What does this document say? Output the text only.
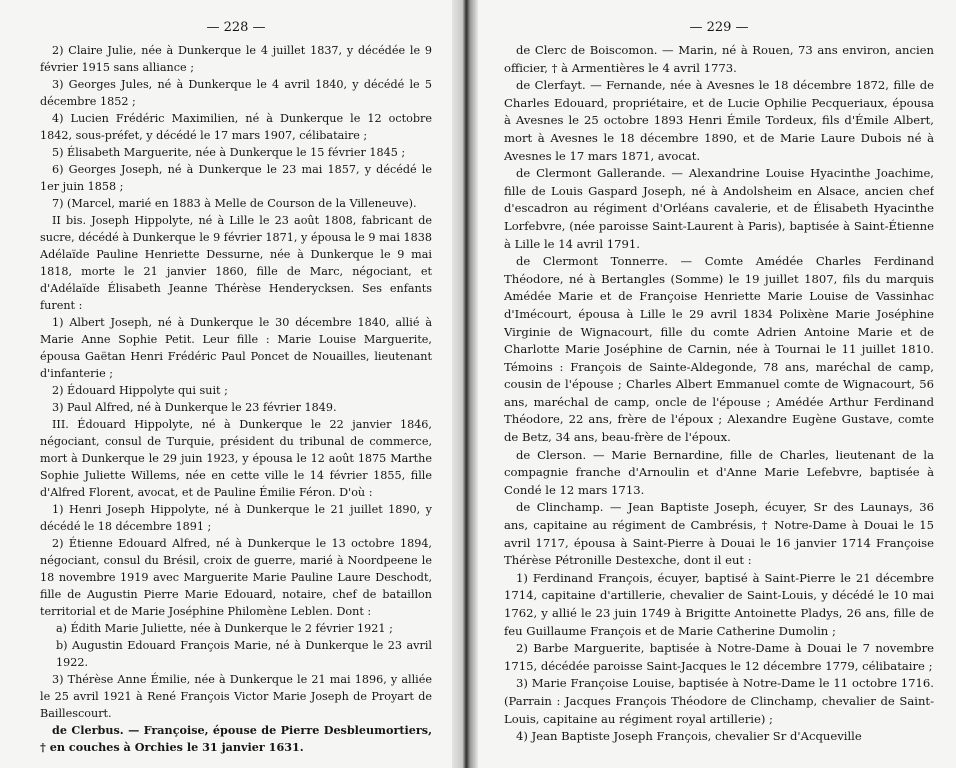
— 228 —

2) Claire Julie, née à Dunkerque le 4 juillet 1837, y décédée le 9 février 1915 sans alliance ;

3) Georges Jules, né à Dunkerque le 4 avril 1840, y décédé le 5 décembre 1852 ;

4) Lucien Frédéric Maximilien, né à Dunkerque le 12 octobre 1842, sous-préfet, y décédé le 17 mars 1907, célibataire ;

5) Élisabeth Marguerite, née à Dunkerque le 15 février 1845 ;

6) Georges Joseph, né à Dunkerque le 23 mai 1857, y décédé le 1er juin 1858 ;

7) (Marcel, marié en 1883 à Melle de Courson de la Villeneuve).

II bis. Joseph Hippolyte, né à Lille le 23 août 1808, fabricant de sucre, décédé à Dunkerque le 9 février 1871, y épousa le 9 mai 1838 Adélaïde Pauline Henriette Dessurne, née à Dunkerque le 9 mai 1818, morte le 21 janvier 1860, fille de Marc, négociant, et d'Adélaïde Élisabeth Jeanne Thérèse Henderycksen. Ses enfants furent :

1) Albert Joseph, né à Dunkerque le 30 décembre 1840, allié à Marie Anne Sophie Petit. Leur fille : Marie Louise Marguerite, épousa Gaëtan Henri Frédéric Paul Poncet de Nouailles, lieutenant d'infanterie ;

2) Édouard Hippolyte qui suit ;

3) Paul Alfred, né à Dunkerque le 23 février 1849.

III. Édouard Hippolyte, né à Dunkerque le 22 janvier 1846, négociant, consul de Turquie, président du tribunal de commerce, mort à Dunkerque le 29 juin 1923, y épousa le 12 août 1875 Marthe Sophie Juliette Willems, née en cette ville le 14 février 1855, fille d'Alfred Florent, avocat, et de Pauline Émilie Féron. D'où :

1) Henri Joseph Hippolyte, né à Dunkerque le 21 juillet 1890, y décédé le 18 décembre 1891 ;

2) Étienne Edouard Alfred, né à Dunkerque le 13 octobre 1894, négociant, consul du Brésil, croix de guerre, marié à Noordpeene le 18 novembre 1919 avec Marguerite Marie Pauline Laure Deschodt, fille de Augustin Pierre Marie Edouard, notaire, chef de bataillon territorial et de Marie Joséphine Philomène Leblen. Dont :

a) Édith Marie Juliette, née à Dunkerque le 2 février 1921 ;

b) Augustin Edouard François Marie, né à Dunkerque le 23 avril 1922.

3) Thérèse Anne Émilie, née à Dunkerque le 21 mai 1896, y alliée le 25 avril 1921 à René François Victor Marie Joseph de Proyart de Baillescourt.

de Clerbus. — Françoise, épouse de Pierre Desbleumortiers, † en couches à Orchies le 31 janvier 1631.

— 229 —

de Clerc de Boiscomon. — Marin, né à Rouen, 73 ans environ, ancien officier, † à Armentières le 4 avril 1773.

de Clerfayt. — Fernande, née à Avesnes le 18 décembre 1872, fille de Charles Edouard, propriétaire, et de Lucie Ophilie Pecqueriaux, épousa à Avesnes le 25 octobre 1893 Henri Émile Tordeux, fils d'Émile Albert, mort à Avesnes le 18 décembre 1890, et de Marie Laure Dubois né à Avesnes le 17 mars 1871, avocat.

de Clermont Gallerande. — Alexandrine Louise Hyacinthe Joachime, fille de Louis Gaspard Joseph, né à Andolsheim en Alsace, ancien chef d'escadron au régiment d'Orléans cavalerie, et de Élisabeth Hyacinthe Lorfebvre, (née paroisse Saint-Laurent à Paris), baptisée à Saint-Étienne à Lille le 14 avril 1791.

de Clermont Tonnerre. — Comte Amédée Charles Ferdinand Théodore, né à Bertangles (Somme) le 19 juillet 1807, fils du marquis Amédée Marie et de Françoise Henriette Marie Louise de Vassinhac d'Imécourt, épousa à Lille le 29 avril 1834 Polixène Marie Joséphine Virginie de Wignacourt, fille du comte Adrien Antoine Marie et de Charlotte Marie Joséphine de Carnin, née à Tournai le 11 juillet 1810. Témoins : François de Sainte-Aldegonde, 78 ans, maréchal de camp, cousin de l'épouse ; Charles Albert Emmanuel comte de Wignacourt, 56 ans, maréchal de camp, oncle de l'épouse ; Amédée Arthur Ferdinand Théodore, 22 ans, frère de l'époux ; Alexandre Eugène Gustave, comte de Betz, 34 ans, beau-frère de l'époux.

de Clerson. — Marie Bernardine, fille de Charles, lieutenant de la compagnie franche d'Arnoulin et d'Anne Marie Lefebvre, baptisée à Condé le 12 mars 1713.

de Clinchamp. — Jean Baptiste Joseph, écuyer, Sr des Launays, 36 ans, capitaine au régiment de Cambrésis, † Notre-Dame à Douai le 15 avril 1717, épousa à Saint-Pierre à Douai le 16 janvier 1714 Françoise Thérèse Pétronille Destexche, dont il eut :

1) Ferdinand François, écuyer, baptisé à Saint-Pierre le 21 décembre 1714, capitaine d'artillerie, chevalier de Saint-Louis, y décédé le 10 mai 1762, y allié le 23 juin 1749 à Brigitte Antoinette Pladys, 26 ans, fille de feu Guillaume François et de Marie Catherine Dumolin ;

2) Barbe Marguerite, baptisée à Notre-Dame à Douai le 7 novembre 1715, décédée paroisse Saint-Jacques le 12 décembre 1779, célibataire ;

3) Marie Françoise Louise, baptisée à Notre-Dame le 11 octobre 1716. (Parrain : Jacques François Théodore de Clinchamp, chevalier de Saint-Louis, capitaine au régiment royal artillerie) ;

4) Jean Baptiste Joseph François, chevalier Sr d'Acqueville
